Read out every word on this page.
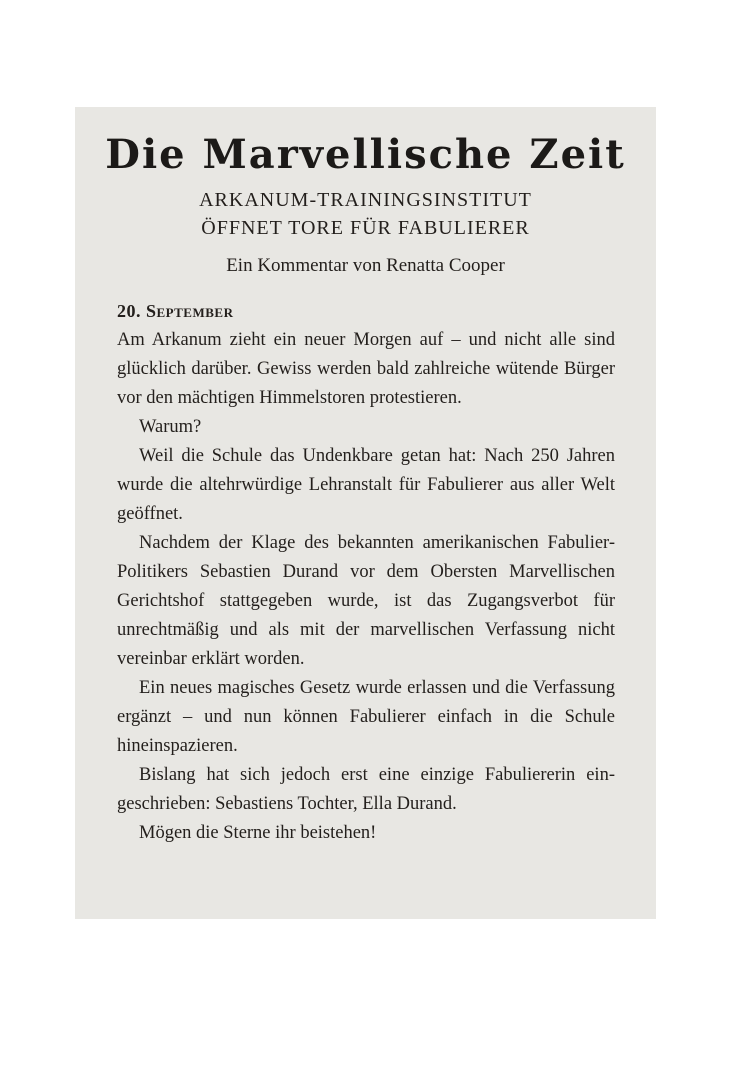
Die Marvellische Zeit
ARKANUM-TRAININGSINSTITUT
ÖFFNET TORE FÜR FABULIERER
Ein Kommentar von Renatta Cooper

20. September

Am Arkanum zieht ein neuer Morgen auf – und nicht alle sind glücklich darüber. Gewiss werden bald zahlreiche wütende Bürger vor den mächtigen Himmelstoren protestieren.

Warum?

Weil die Schule das Undenkbare getan hat: Nach 250 Jahren wurde die altehrwürdige Lehranstalt für Fabulierer aus aller Welt geöffnet.

Nachdem der Klage des bekannten amerikanischen Fabulier-Politikers Sebastien Durand vor dem Obersten Marvellischen Gerichtshof stattgegeben wurde, ist das Zugangsverbot für unrechtmäßig und als mit der marvellischen Verfassung nicht vereinbar erklärt worden.

Ein neues magisches Gesetz wurde erlassen und die Verfassung ergänzt – und nun können Fabulierer einfach in die Schule hineinspazieren.

Bislang hat sich jedoch erst eine einzige Fabuliererin eingeschrieben: Sebastiens Tochter, Ella Durand.

Mögen die Sterne ihr beistehen!
